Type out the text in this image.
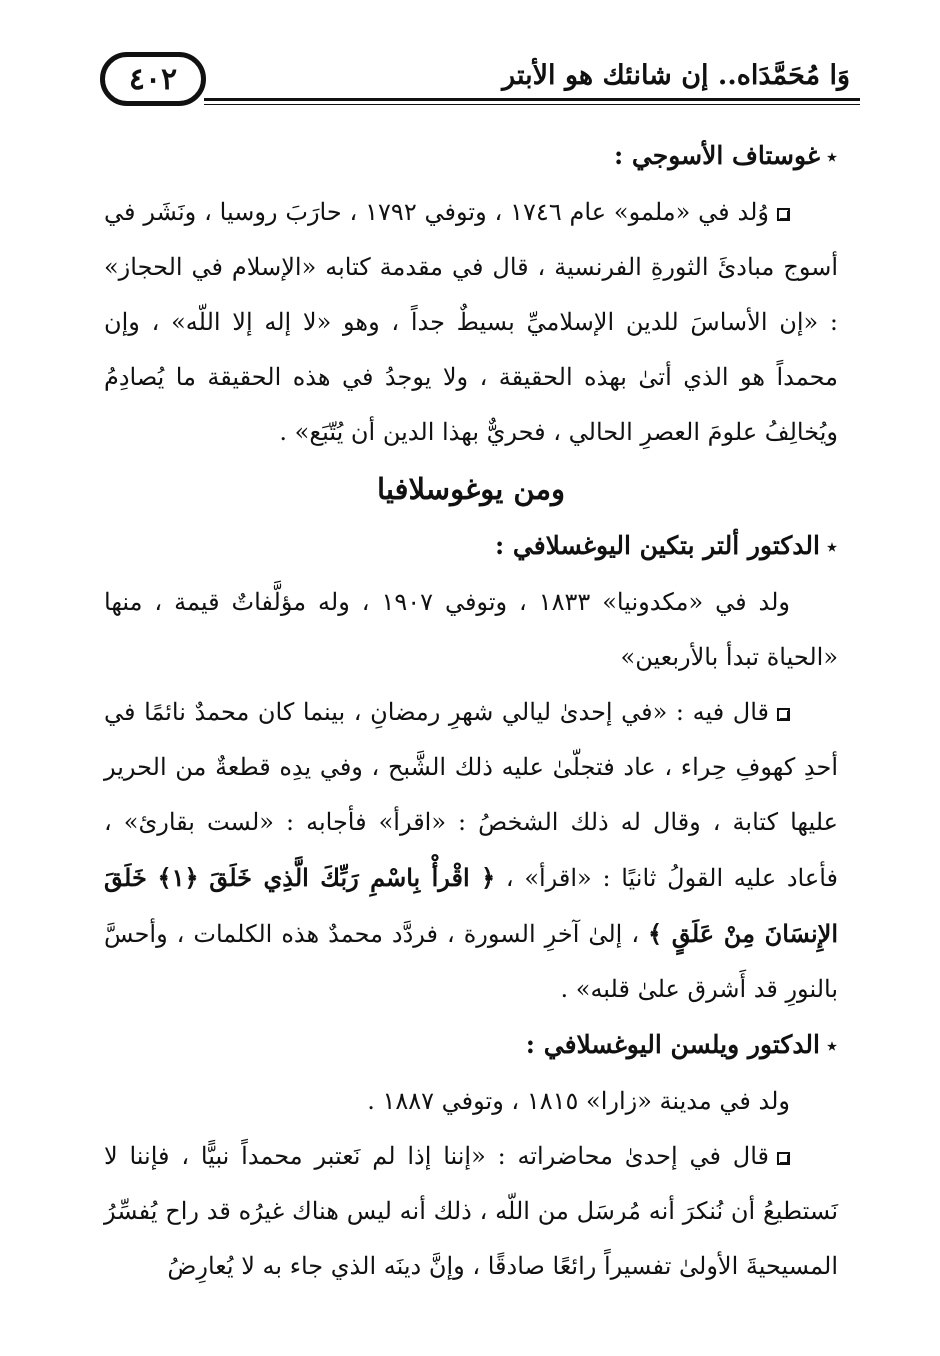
٤٠٢	وَا مُحَمَّدَاه.. إن شانئك هو الأبتر

٭غوستاف الأسوجي :

وُلد في «ملمو» عام ١٧٤٦ ، وتوفي ١٧٩٢ ، حارَبَ روسيا ، ونَشَر في أسوج مبادئَ الثورةِ الفرنسية ، قال في مقدمة كتابه «الإسلام في الحجاز» : «إن الأساسَ للدين الإسلاميِّ بسيطٌ جداً ، وهو «لا إله إلا اللّه» ، وإن محمداً هو الذي أتىٰ بهذه الحقيقة ، ولا يوجدُ في هذه الحقيقة ما يُصادِمُ ويُخالِفُ علومَ العصرِ الحالي ، فحريٌّ بهذا الدين أن يُتّبَع» .

ومن يوغوسلافيا

٭الدكتور ألتر بتكين اليوغسلافي :

ولد في «مكدونيا» ١٨٣٣ ، وتوفي ١٩٠٧ ، وله مؤلَّفاتٌ قيمة ، منها «الحياة تبدأ بالأربعين»

قال فيه : «في إحدىٰ ليالي شهرِ رمضانِ ، بينما كان محمدٌ نائمًا في أحدِ كهوفِ حِراء ، عاد فتجلّىٰ عليه ذلك الشَّبح ، وفي يدِه قطعةٌ من الحرير عليها كتابة ، وقال له ذلك الشخصُ : «اقرأ» فأجابه : «لست بقارئ» ، فأعاد عليه القولُ ثانيًا : «اقرأ» ، ﴿ اقْرأْ بِاسْمِ رَبِّكَ الَّذِي خَلَقَ ﴿١﴾ خَلَقَ الإِنسَانَ مِنْ عَلَقٍ ﴾ ، إلىٰ آخرِ السورة ، فردَّد محمدٌ هذه الكلمات ، وأحسَّ بالنورِ قد أَشرق علىٰ قلبه» .

٭الدكتور ويلسن اليوغسلافي :

ولد في مدينة «زارا» ١٨١٥ ، وتوفي ١٨٨٧ .

قال في إحدىٰ محاضراته : «إننا إذا لم نَعتبر محمداً نبيًّا ، فإننا لا نَستطيعُ أن نُنكرَ أنه مُرسَل من اللّه ، ذلك أنه ليس هناك غيرُه قد راح يُفسِّرُ المسيحيةَ الأولىٰ تفسيراً رائعًا صادقًا ، وإنَّ دينَه الذي جاء به لا يُعارِضُ
